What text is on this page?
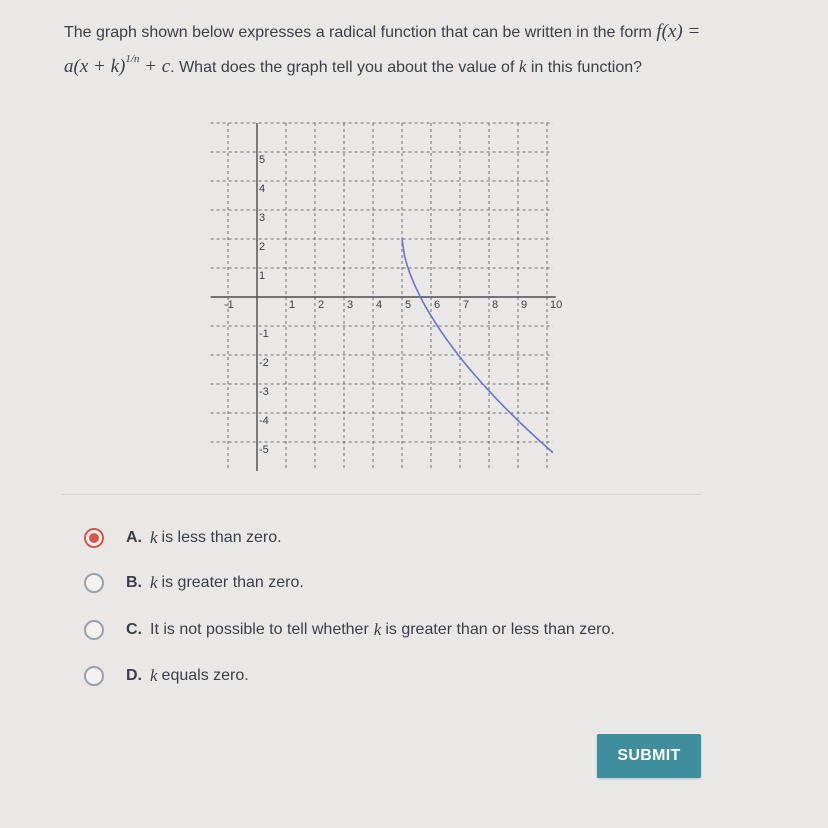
The graph shown below expresses a radical function that can be written in the form $f(x) = a(x + k)^{1/n} + c$. What does the graph tell you about the value of k in this function?
-1	1 2 3 4 5 6 7 8 9 10
5
4
3
2
1
-1
-2
-3
-4
-5
A. k is less than zero.
B. k is greater than zero.
C. It is not possible to tell whether k is greater than or less than zero.
D. k equals zero.
SUBMIT
